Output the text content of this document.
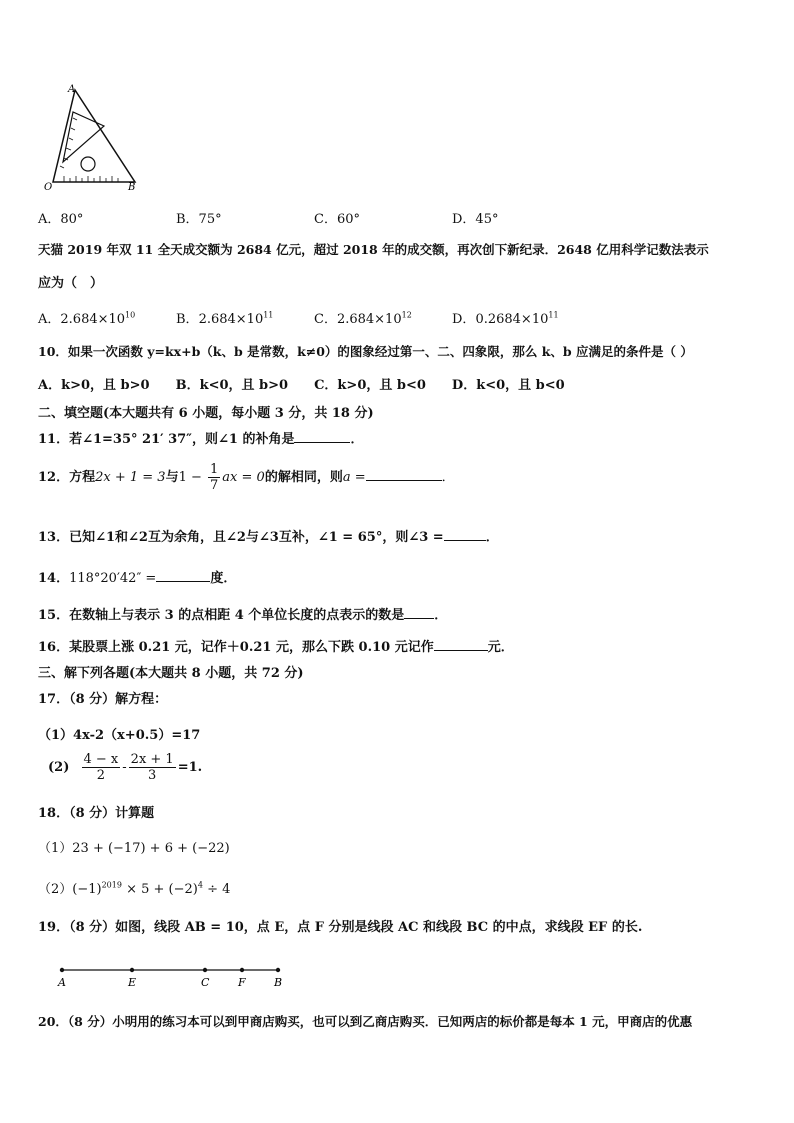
A
O	B
A．80°	B．75°	C．60°	D．45°
天猫 2019 年双 11 全天成交额为 2684 亿元，超过 2018 年的成交额，再次创下新纪录．2648 亿用科学记数法表示
应为（　）
A．$2.684\times 10^{10}$	B．$2.684\times 10^{11}$	C．$2.684\times 10^{12}$	D．$0.2684\times 10^{11}$
10．如果一次函数 y=kx+b（k、b 是常数，k≠0）的图象经过第一、二、四象限，那么 k、b 应满足的条件是（ ）
A．k>0，且 b>0　　B．k<0，且 b>0　　C．k>0，且 b<0　　D．k<0，且 b<0
二、填空题(本大题共有 6 小题，每小题 3 分，共 18 分)
11．若∠1=35° 21′ 37″，则∠1 的补角是	．
12．方程2x + 1 = 3与$1 - \frac{1}{7}$ ax = 0的解相同，则a =	．
13．已知∠1和∠2互为余角，且∠2与∠3互补，∠1 = 65°，则∠3 =	．
14．118°20′42″ =	度．
15．在数轴上与表示 3 的点相距 4 个单位长度的点表示的数是 ．
16．某股票上涨 0.21 元，记作＋0.21 元，那么下跌 0.10 元记作	元．
三、解下列各题(本大题共 8 小题，共 72 分)
17．（8 分）解方程：
（1）4x-2（x+0.5）=17
$(2) \frac{4 - x}{2} - \frac{2x + 1}{3} =1$.
18．（8 分）计算题
（1）23 + (−17) + 6 + (−22)
$(2)(-1)^{2019} \times 5 + (-2)^4 \div 4$
19．（8 分）如图，线段 AB = 10，点 E，点 F 分别是线段 AC 和线段 BC 的中点，求线段 EF 的长.
A	E	C	F	B
20．（8 分）小明用的练习本可以到甲商店购买，也可以到乙商店购买．已知两店的标价都是每本 1 元，甲商店的优惠
